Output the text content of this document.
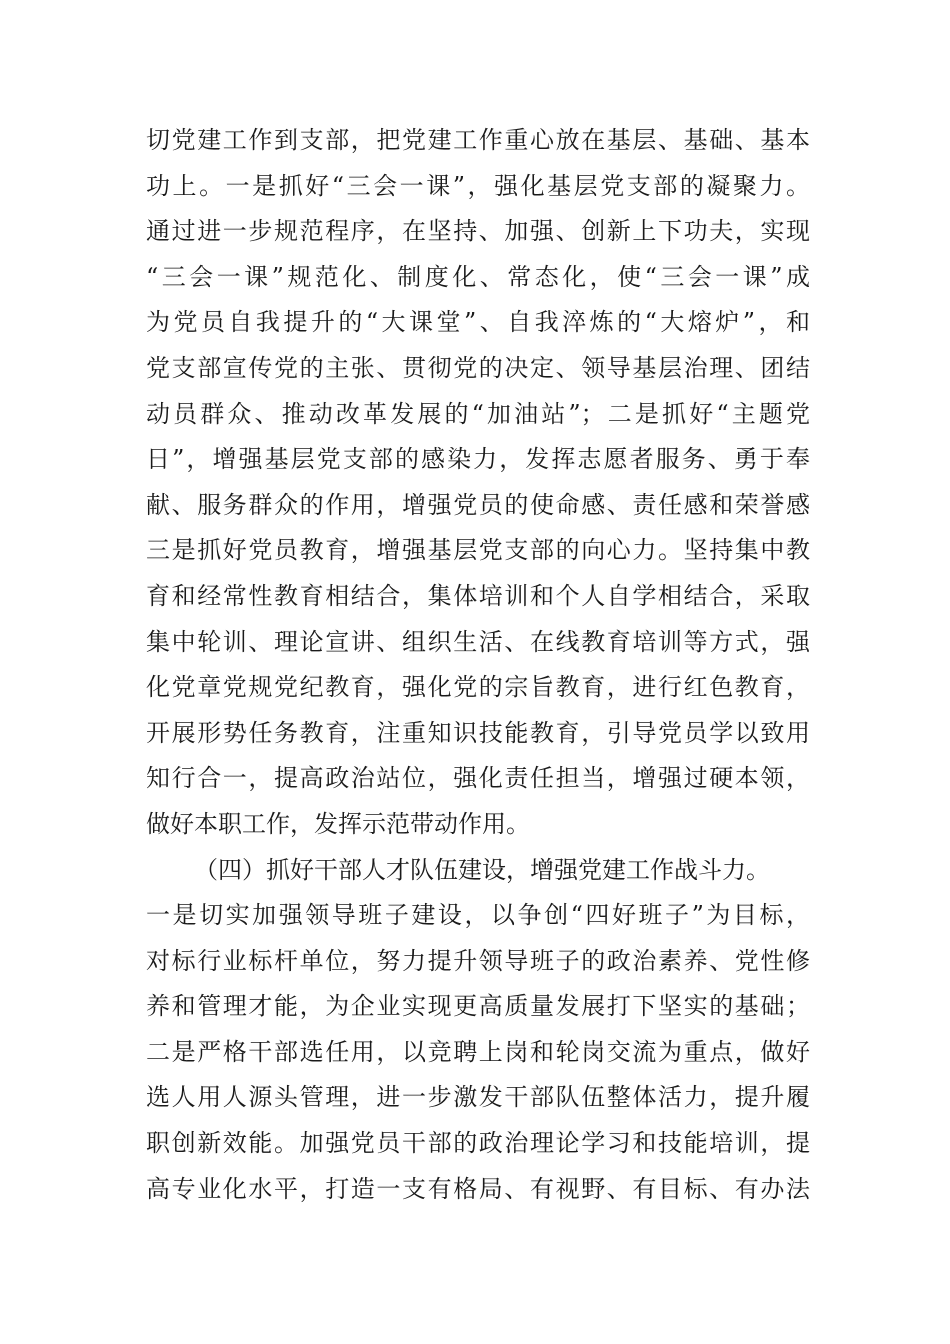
切党建工作到支部，把党建工作重心放在基层、基础、基本
功上。一是抓好“三会一课”，强化基层党支部的凝聚力。
通过进一步规范程序，在坚持、加强、创新上下功夫，实现
“三会一课”规范化、制度化、常态化，使“三会一课”成
为党员自我提升的“大课堂”、自我淬炼的“大熔炉”，和
党支部宣传党的主张、贯彻党的决定、领导基层治理、团结
动员群众、推动改革发展的“加油站”；二是抓好“主题党
日”，增强基层党支部的感染力，发挥志愿者服务、勇于奉
献、服务群众的作用，增强党员的使命感、责任感和荣誉感
三是抓好党员教育，增强基层党支部的向心力。坚持集中教
育和经常性教育相结合，集体培训和个人自学相结合，采取
集中轮训、理论宣讲、组织生活、在线教育培训等方式，强
化党章党规党纪教育，强化党的宗旨教育，进行红色教育，
开展形势任务教育，注重知识技能教育，引导党员学以致用
知行合一，提高政治站位，强化责任担当，增强过硬本领，
做好本职工作，发挥示范带动作用。
（四）抓好干部人才队伍建设，增强党建工作战斗力。
一是切实加强领导班子建设，以争创“四好班子”为目标，
对标行业标杆单位，努力提升领导班子的政治素养、党性修
养和管理才能，为企业实现更高质量发展打下坚实的基础；
二是严格干部选任用，以竞聘上岗和轮岗交流为重点，做好
选人用人源头管理，进一步激发干部队伍整体活力，提升履
职创新效能。加强党员干部的政治理论学习和技能培训，提
高专业化水平，打造一支有格局、有视野、有目标、有办法
